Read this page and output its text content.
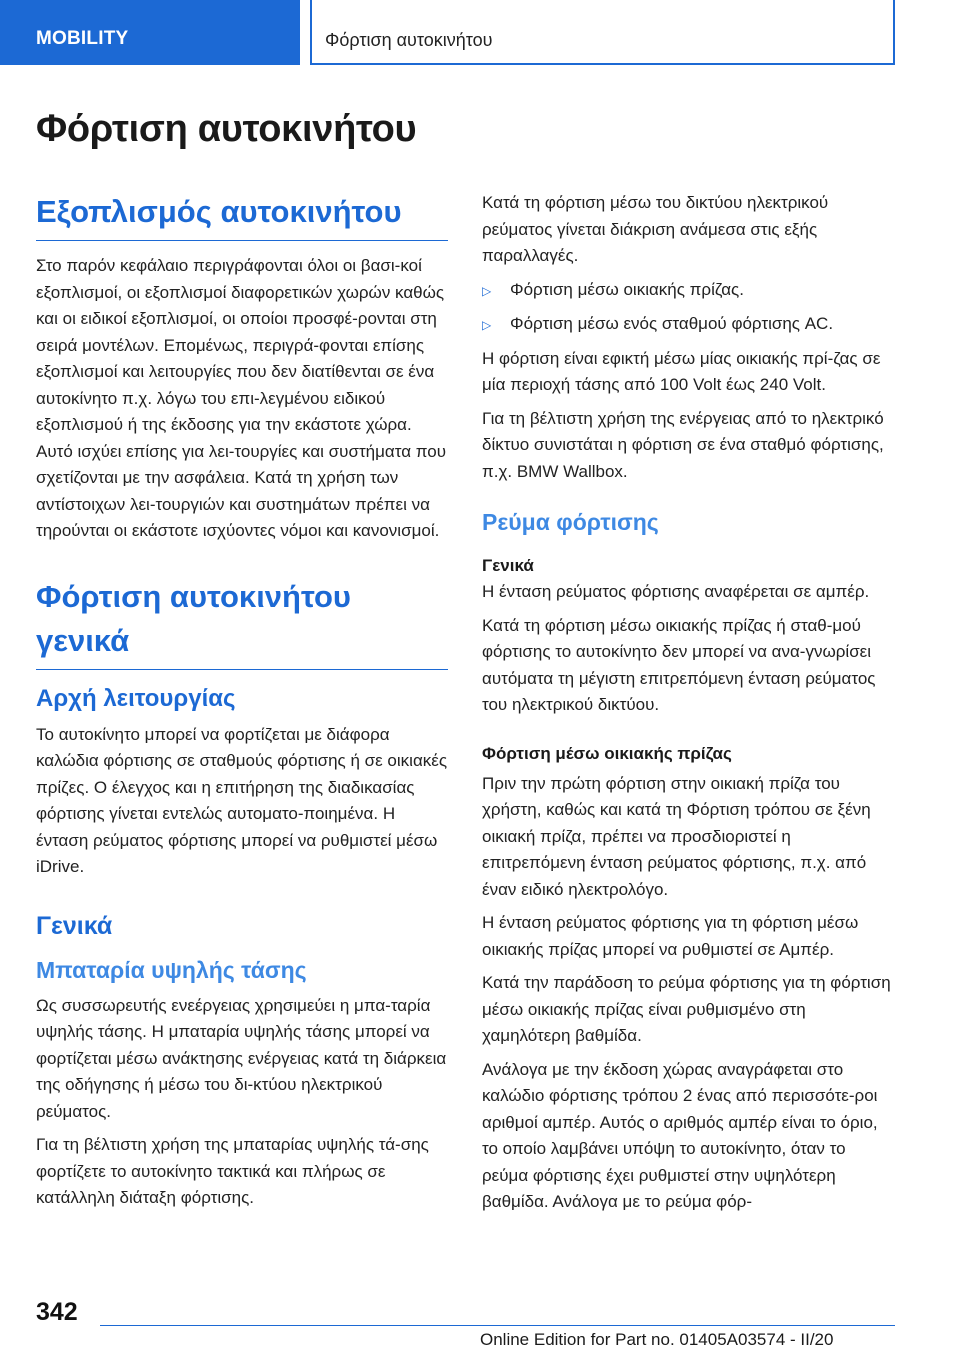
MOBILITY	Φόρτιση αυτοκινήτου
Φόρτιση αυτοκινήτου
Εξοπλισμός αυτοκινήτου

Στο παρόν κεφάλαιο περιγράφονται όλοι οι βασι‐κοί εξοπλισμοί, οι εξοπλισμοί διαφορετικών χωρών καθώς και οι ειδικοί εξοπλισμοί, οι οποίοι προσφέ‐ρονται στη σειρά μοντέλων. Επομένως, περιγρά‐φονται επίσης εξοπλισμοί και λειτουργίες που δεν διατίθενται σε ένα αυτοκίνητο π.χ. λόγω του επι‐λεγμένου ειδικού εξοπλισμού ή της έκδοσης για την εκάστοτε χώρα. Αυτό ισχύει επίσης για λει‐τουργίες και συστήματα που σχετίζονται με την ασφάλεια. Κατά τη χρήση των αντίστοιχων λει‐τουργιών και συστημάτων πρέπει να τηρούνται οι εκάστοτε ισχύοντες νόμοι και κανονισμοί.

Φόρτιση αυτοκινήτου γενικά
Αρχή λειτουργίας

Το αυτοκίνητο μπορεί να φορτίζεται με διάφορα καλώδια φόρτισης σε σταθμούς φόρτισης ή σε οικιακές πρίζες. Ο έλεγχος και η επιτήρηση της διαδικασίας φόρτισης γίνεται εντελώς αυτοματο‐ποιημένα. Η ένταση ρεύματος φόρτισης μπορεί να ρυθμιστεί μέσω iDrive.

Γενικά
Μπαταρία υψηλής τάσης

Ως συσσωρευτής ενεέργειας χρησιμεύει η μπα‐ταρία υψηλής τάσης. Η μπαταρία υψηλής τάσης μπορεί να φορτίζεται μέσω ανάκτησης ενέργειας κατά τη διάρκεια της οδήγησης ή μέσω του δι‐κτύου ηλεκτρικού ρεύματος.

Για τη βέλτιστη χρήση της μπαταρίας υψηλής τά‐σης φορτίζετε το αυτοκίνητο τακτικά και πλήρως σε κατάλληλη διάταξη φόρτισης.

Κατά τη φόρτιση μέσω του δικτύου ηλεκτρικού ρεύματος γίνεται διάκριση ανάμεσα στις εξής παραλλαγές.

▷	Φόρτιση μέσω οικιακής πρίζας.
▷	Φόρτιση μέσω ενός σταθμού φόρτισης AC.

Η φόρτιση είναι εφικτή μέσω μίας οικιακής πρί‐ζας σε μία περιοχή τάσης από 100 Volt έως 240 Volt.

Για τη βέλτιστη χρήση της ενέργειας από το ηλεκτρικό δίκτυο συνιστάται η φόρτιση σε ένα σταθμό φόρτισης, π.χ. BMW Wallbox.

Ρεύμα φόρτισης
Γενικά

Η ένταση ρεύματος φόρτισης αναφέρεται σε αμπέρ.

Κατά τη φόρτιση μέσω οικιακής πρίζας ή σταθ‐μού φόρτισης το αυτοκίνητο δεν μπορεί να ανα‐γνωρίσει αυτόματα τη μέγιστη επιτρεπόμενη ένταση ρεύματος του ηλεκτρικού δικτύου.

Φόρτιση μέσω οικιακής πρίζας

Πριν την πρώτη φόρτιση στην οικιακή πρίζα του χρήστη, καθώς και κατά τη Φόρτιση τρόπου σε ξένη οικιακή πρίζα, πρέπει να προσδιοριστεί η επιτρεπόμενη ένταση ρεύματος φόρτισης, π.χ. από έναν ειδικό ηλεκτρολόγο.

Η ένταση ρεύματος φόρτισης για τη φόρτιση μέσω οικιακής πρίζας μπορεί να ρυθμιστεί σε Αμπέρ.

Κατά την παράδοση το ρεύμα φόρτισης για τη φόρτιση μέσω οικιακής πρίζας είναι ρυθμισμένο στη χαμηλότερη βαθμίδα.

Ανάλογα με την έκδοση χώρας αναγράφεται στο καλώδιο φόρτισης τρόπου 2 ένας από περισσότε‐ροι αριθμοί αμπέρ. Αυτός ο αριθμός αμπέρ είναι το όριο, το οποίο λαμβάνει υπόψη το αυτοκίνητο, όταν το ρεύμα φόρτισης έχει ρυθμιστεί στην υψηλότερη βαθμίδα. Ανάλογα με το ρεύμα φόρ‐

342
Online Edition for Part no. 01405A03574 - II/20
